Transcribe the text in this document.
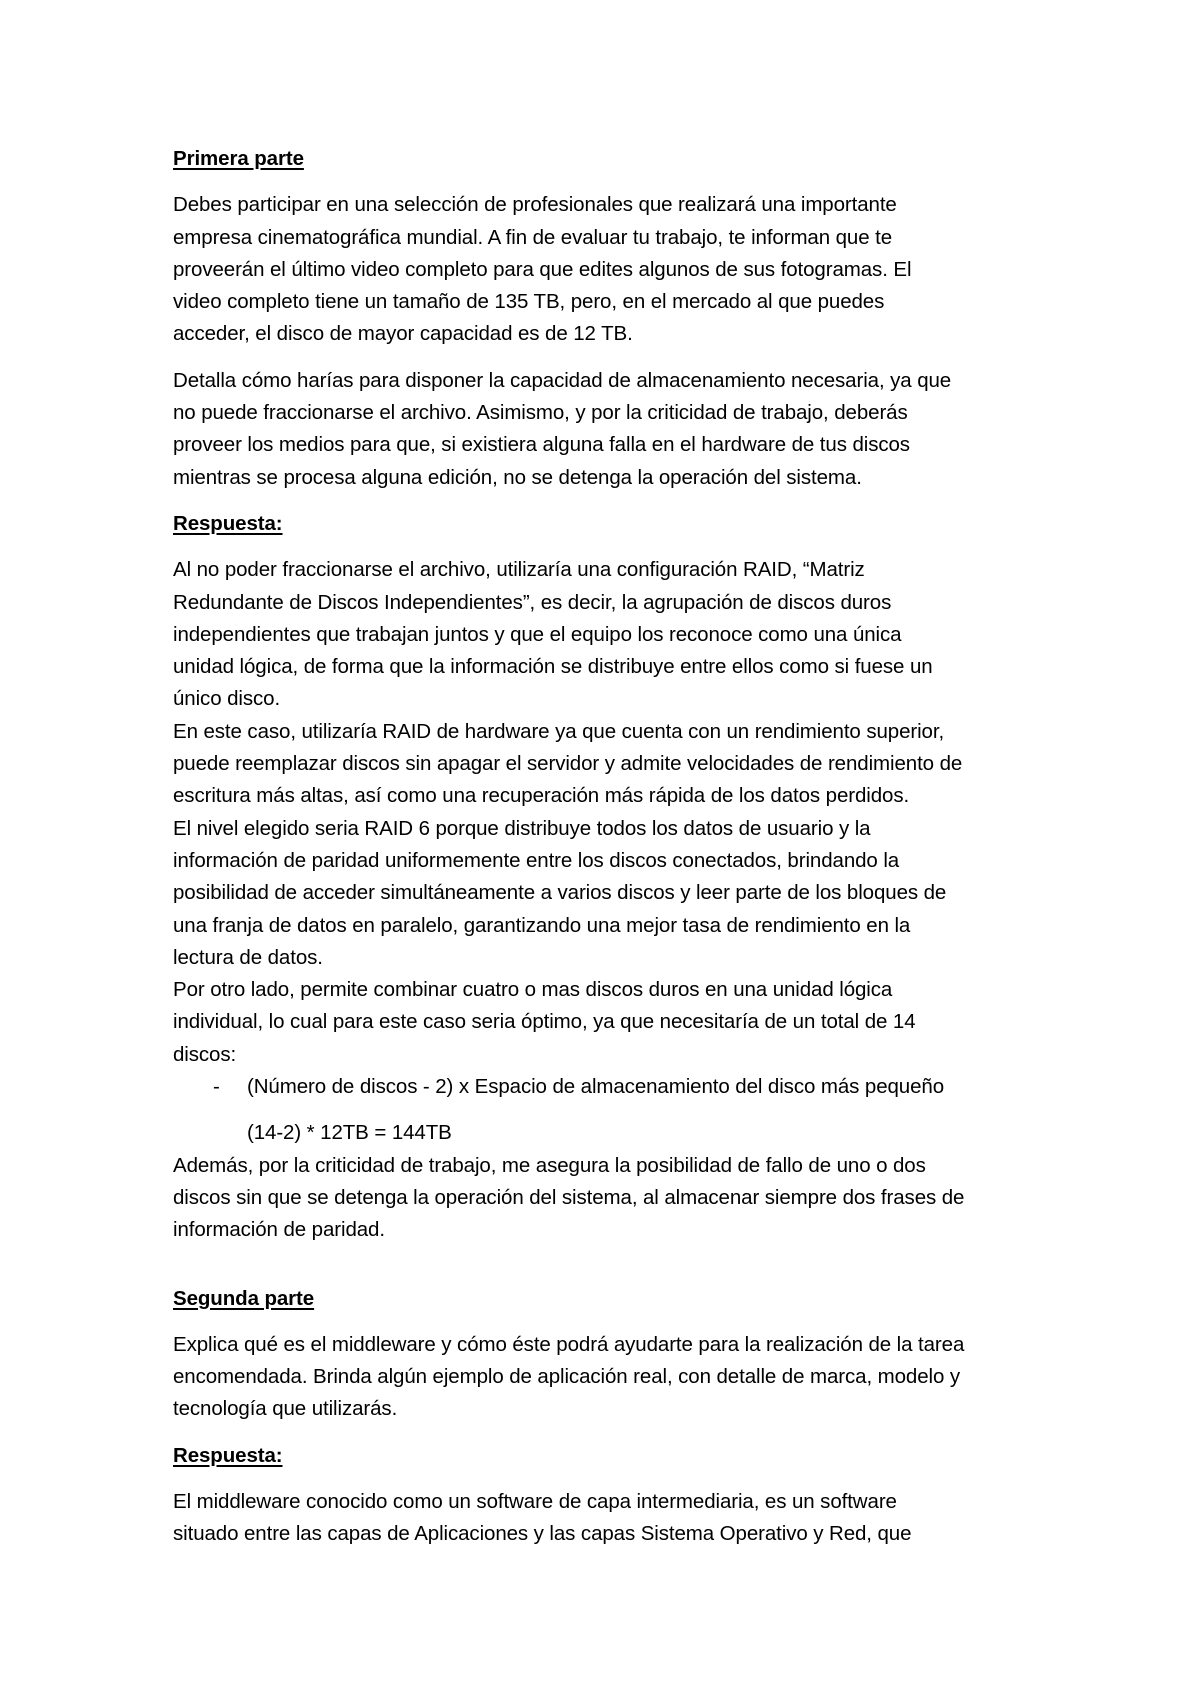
Primera parte
Debes participar en una selección de profesionales que realizará una importante
empresa cinematográfica mundial. A fin de evaluar tu trabajo, te informan que te
proveerán el último video completo para que edites algunos de sus fotogramas. El
video completo tiene un tamaño de 135 TB, pero, en el mercado al que puedes
acceder, el disco de mayor capacidad es de 12 TB.
Detalla cómo harías para disponer la capacidad de almacenamiento necesaria, ya que
no puede fraccionarse el archivo. Asimismo, y por la criticidad de trabajo, deberás
proveer los medios para que, si existiera alguna falla en el hardware de tus discos
mientras se procesa alguna edición, no se detenga la operación del sistema.
Respuesta:
Al no poder fraccionarse el archivo, utilizaría una configuración RAID, “Matriz
Redundante de Discos Independientes”, es decir, la agrupación de discos duros
independientes que trabajan juntos y que el equipo los reconoce como una única
unidad lógica, de forma que la información se distribuye entre ellos como si fuese un
único disco.
En este caso, utilizaría RAID de hardware ya que cuenta con un rendimiento superior,
puede reemplazar discos sin apagar el servidor y admite velocidades de rendimiento de
escritura más altas, así como una recuperación más rápida de los datos perdidos.
El nivel elegido seria RAID 6 porque distribuye todos los datos de usuario y la
información de paridad uniformemente entre los discos conectados, brindando la
posibilidad de acceder simultáneamente a varios discos y leer parte de los bloques de
una franja de datos en paralelo, garantizando una mejor tasa de rendimiento en la
lectura de datos.
Por otro lado, permite combinar cuatro o mas discos duros en una unidad lógica
individual, lo cual para este caso seria óptimo, ya que necesitaría de un total de 14
discos:
-	(Número de discos - 2) x Espacio de almacenamiento del disco más pequeño
(14-2) * 12TB = 144TB
Además, por la criticidad de trabajo, me asegura la posibilidad de fallo de uno o dos
discos sin que se detenga la operación del sistema, al almacenar siempre dos frases de
información de paridad.
Segunda parte
Explica qué es el middleware y cómo éste podrá ayudarte para la realización de la tarea
encomendada. Brinda algún ejemplo de aplicación real, con detalle de marca, modelo y
tecnología que utilizarás.
Respuesta:
El middleware conocido como un software de capa intermediaria, es un software
situado entre las capas de Aplicaciones y las capas Sistema Operativo y Red, que
